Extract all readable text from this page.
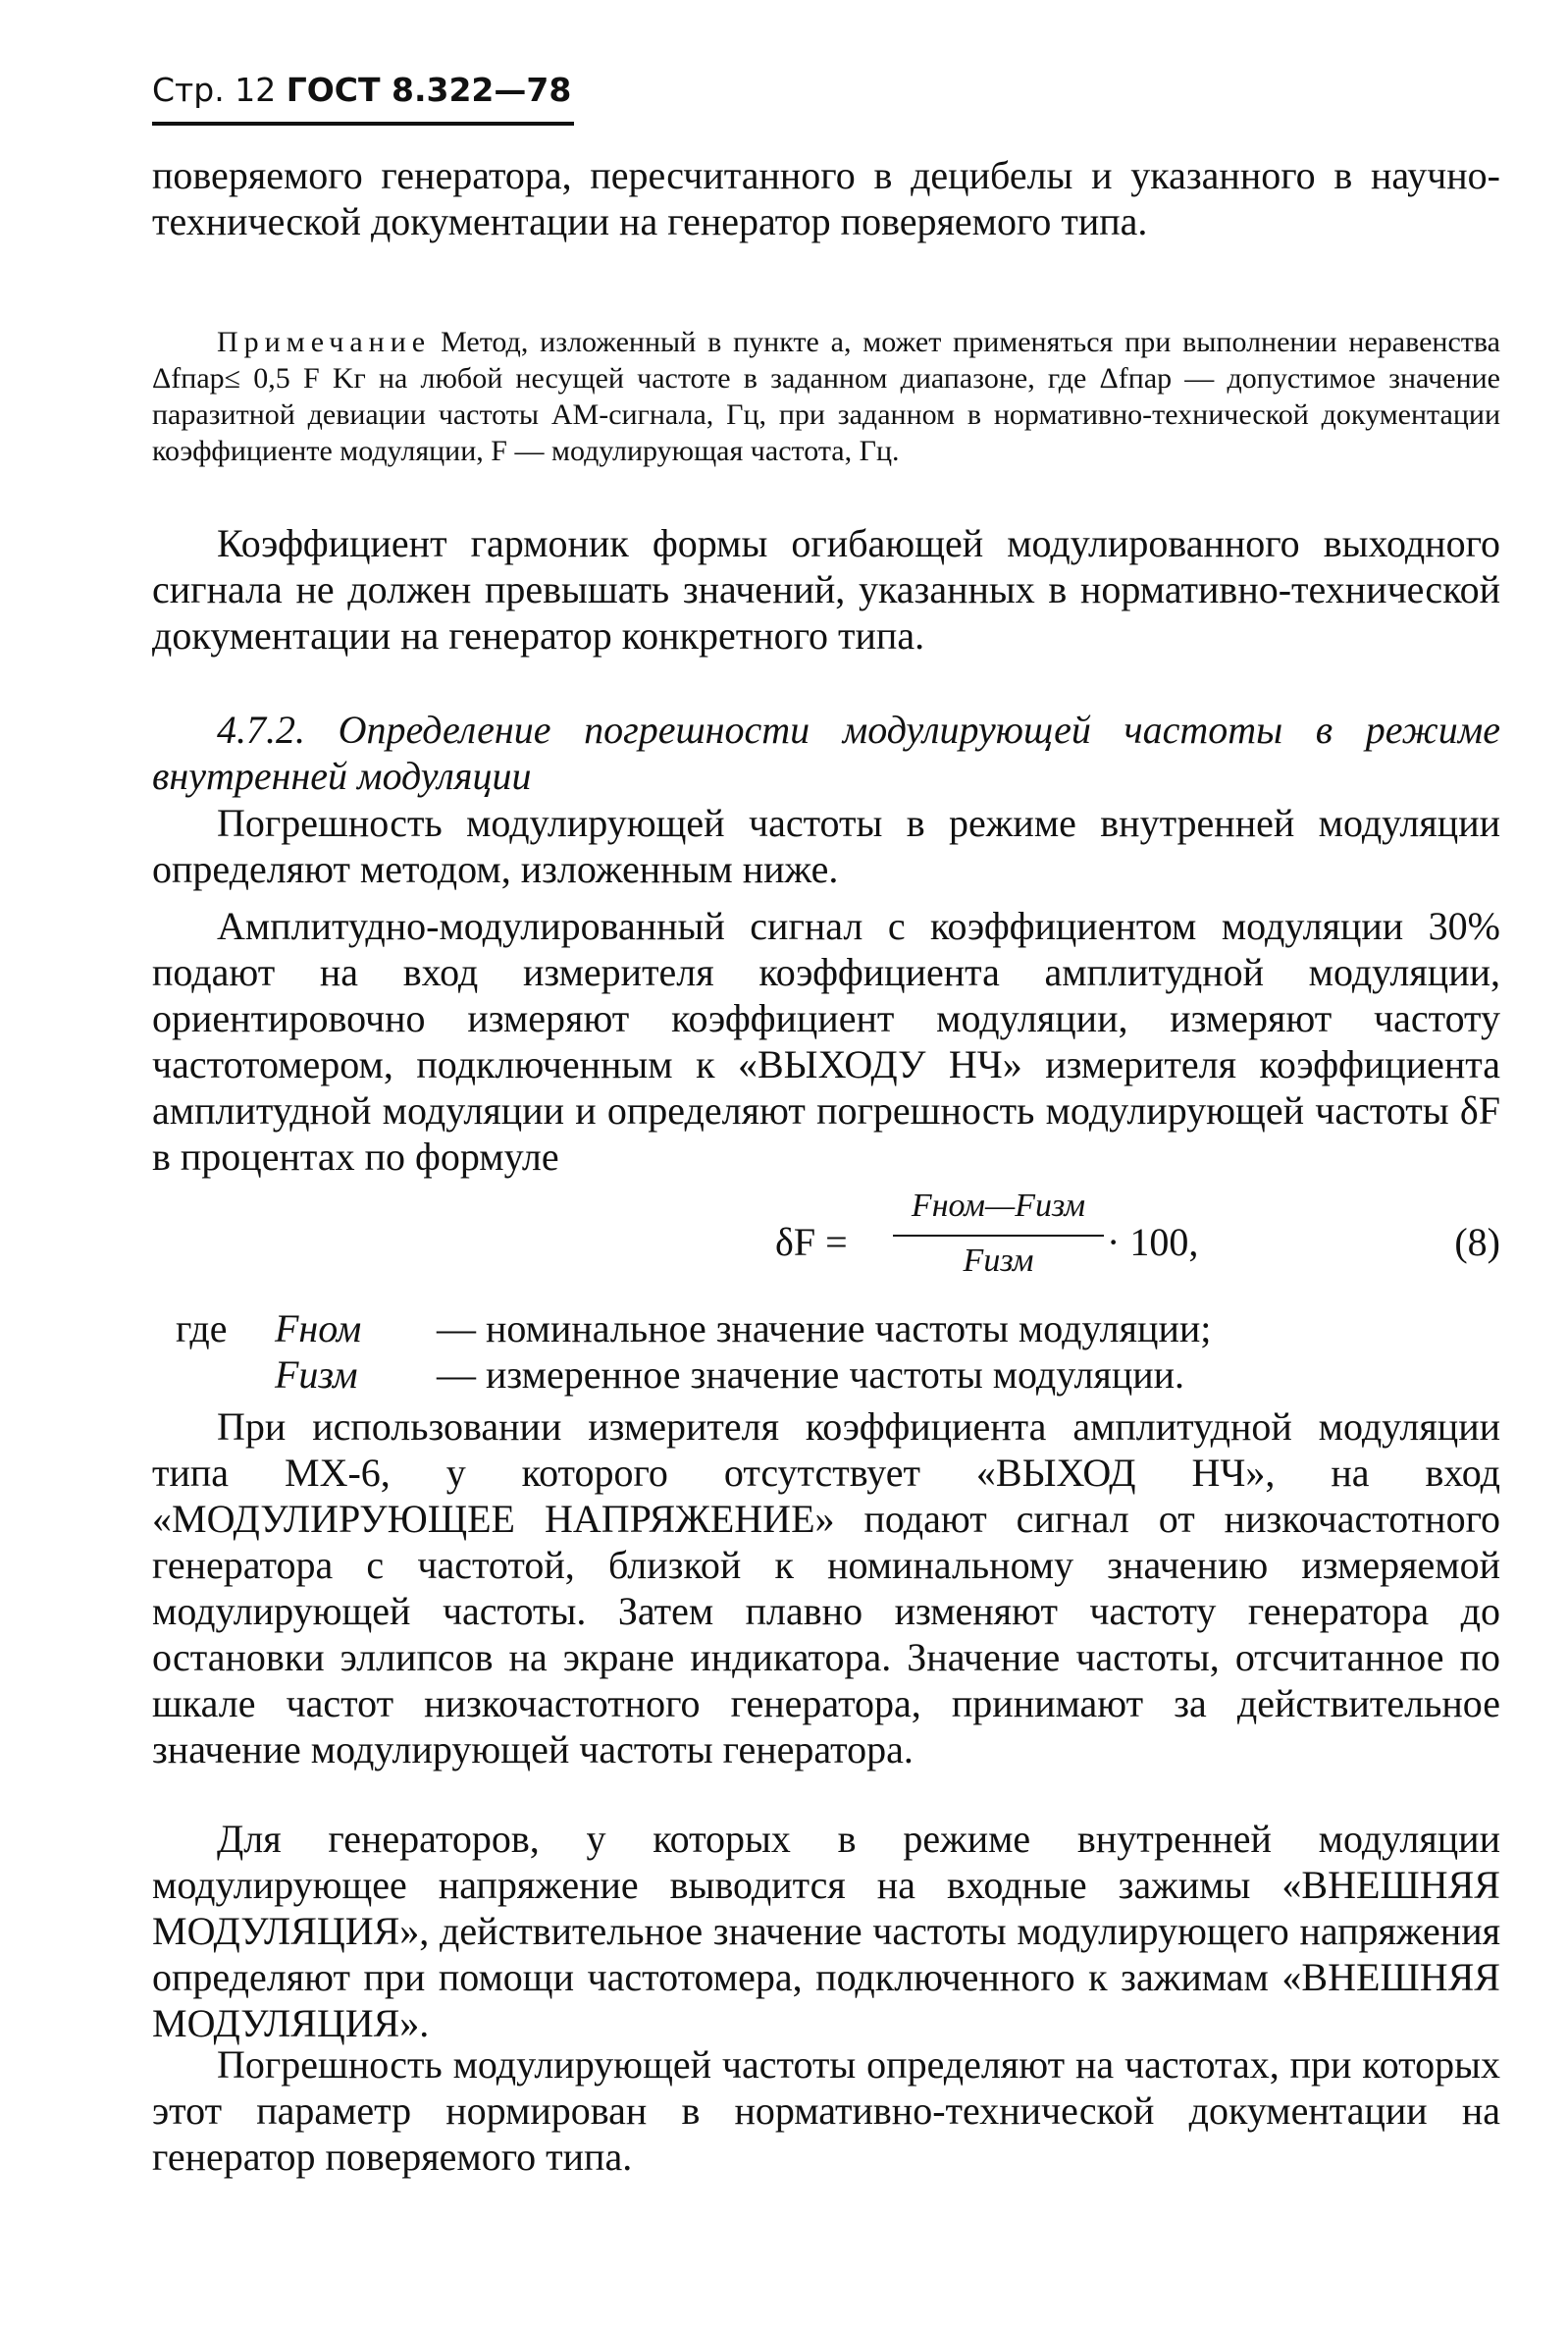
Стр. 12 ГОСТ 8.322—78

поверяемого генератора, пересчитанного в децибелы и указанного в научно-технической документации на генератор поверяемого типа.

Примечание Метод, изложенный в пункте а, может применяться при выполнении неравенства Δfпар≤ 0,5 F Kг на любой несущей частоте в заданном диапазоне, где Δfпар — допустимое значение паразитной девиации частоты АМ-сигнала, Гц, при заданном в нормативно-технической документации коэффициенте модуляции, F — модулирующая частота, Гц.

Коэффициент гармоник формы огибающей модулированного выходного сигнала не должен превышать значений, указанных в нормативно-технической документации на генератор конкретного типа.

4.7.2. Определение погрешности модулирующей частоты в режиме внутренней модуляции

Погрешность модулирующей частоты в режиме внутренней модуляции определяют методом, изложенным ниже.

Амплитудно-модулированный сигнал с коэффициентом модуляции 30% подают на вход измерителя коэффициента амплитудной модуляции, ориентировочно измеряют коэффициент модуляции, измеряют частоту частотомером, подключенным к «ВЫХОДУ НЧ» измерителя коэффициента амплитудной модуляции и определяют погрешность модулирующей частоты δF в процентах по формуле

δF =
Fном—Fизм
Fизм	· 100,	(8)
где Fном — номинальное значение частоты модуляции;
Fизм — измеренное значение частоты модуляции.

При использовании измерителя коэффициента амплитудной модуляции типа МХ-6, у которого отсутствует «ВЫХОД НЧ», на вход «МОДУЛИРУЮЩЕЕ НАПРЯЖЕНИЕ» подают сигнал от низкочастотного генератора с частотой, близкой к номинальному значению измеряемой модулирующей частоты. Затем плавно изменяют частоту генератора до остановки эллипсов на экране индикатора. Значение частоты, отсчитанное по шкале частот низкочастотного генератора, принимают за действительное значение модулирующей частоты генератора.

Для генераторов, у которых в режиме внутренней модуляции модулирующее напряжение выводится на входные зажимы «ВНЕШНЯЯ МОДУЛЯЦИЯ», действительное значение частоты модулирующего напряжения определяют при помощи частотомера, подключенного к зажимам «ВНЕШНЯЯ МОДУЛЯЦИЯ».

Погрешность модулирующей частоты определяют на частотах, при которых этот параметр нормирован в нормативно-технической документации на генератор поверяемого типа.
